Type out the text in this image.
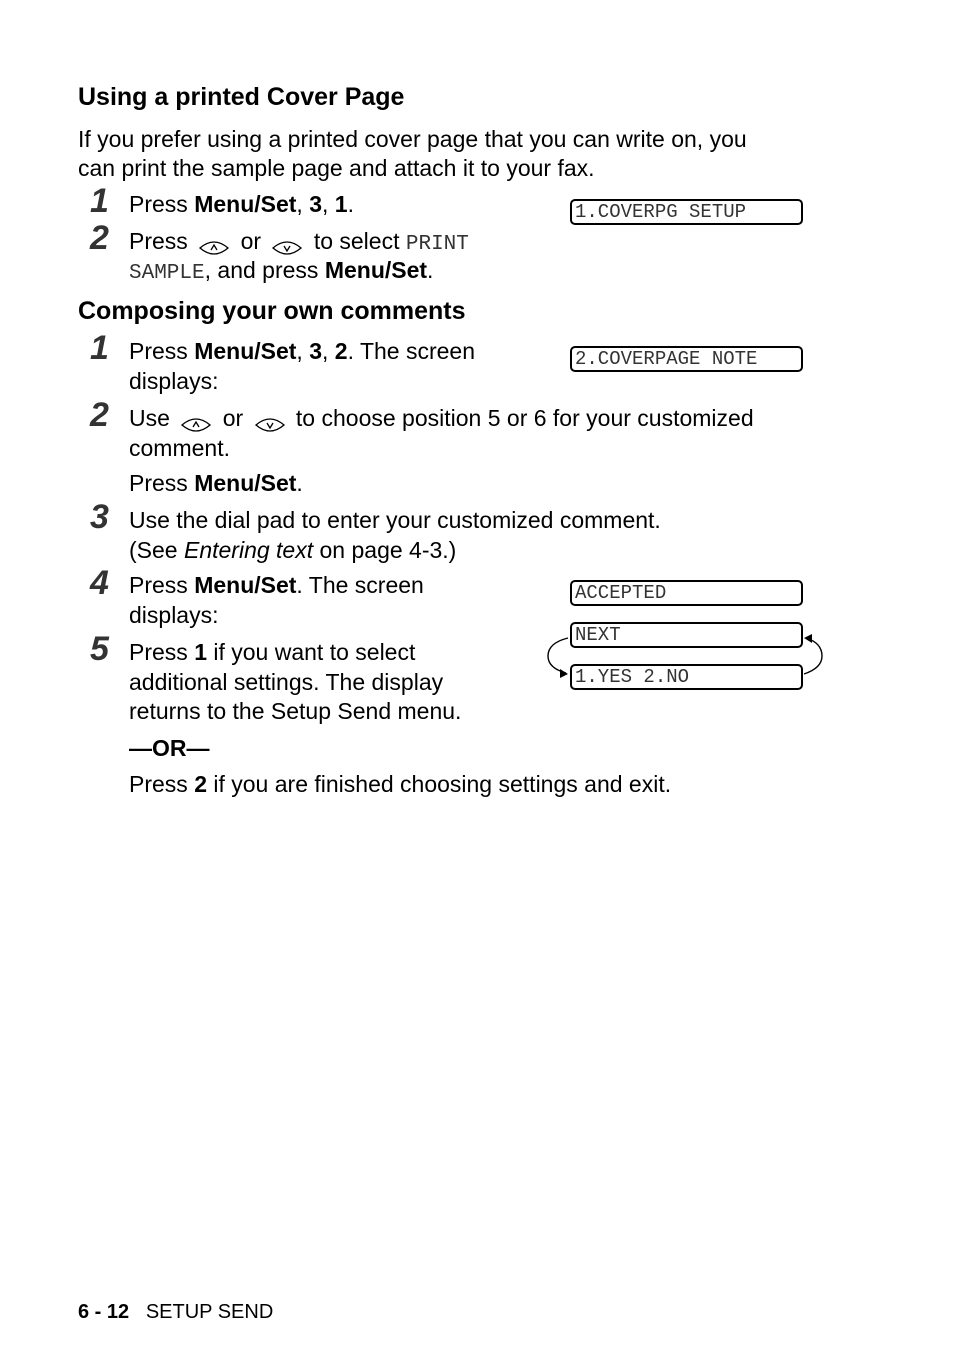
Using a printed Cover Page
If you prefer using a printed cover page that you can write on, you
can print the sample page and attach it to your fax.
1 Press Menu/Set, 3, 1.	1.COVERPG SETUP
2 Press or to select PRINT
SAMPLE, and press Menu/Set.
Composing your own comments
1 Press Menu/Set, 3, 2. The screen
displays:
2.COVERPAGE NOTE
2 Use or to choose position 5 or 6 for your customized
comment.
Press Menu/Set.
3 Use the dial pad to enter your customized comment.
(See Entering text on page 4-3.)
4 Press Menu/Set. The screen
displays:
ACCEPTED
NEXT
1.YES 2.NO
5 Press 1 if you want to select
additional settings. The display
returns to the Setup Send menu.
—OR—
Press 2 if you are finished choosing settings and exit.
6 - 12 SETUP SEND
